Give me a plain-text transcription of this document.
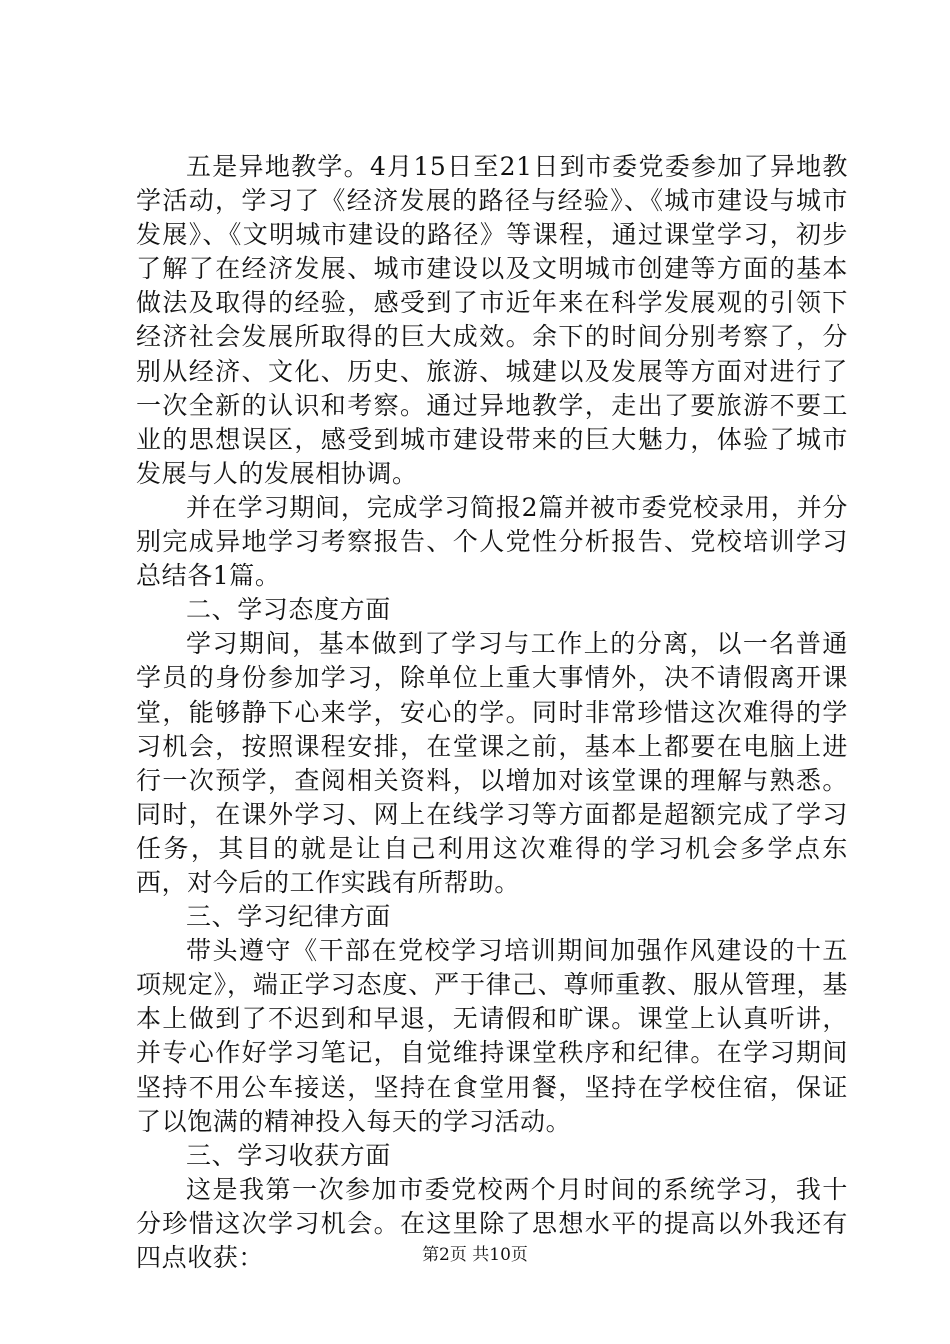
五是异地教学。4月15日至21日到市委党委参加了异地教学活动，学习了《经济发展的路径与经验》、《城市建设与城市发展》、《文明城市建设的路径》等课程，通过课堂学习，初步了解了在经济发展、城市建设以及文明城市创建等方面的基本做法及取得的经验，感受到了市近年来在科学发展观的引领下经济社会发展所取得的巨大成效。余下的时间分别考察了，分别从经济、文化、历史、旅游、城建以及发展等方面对进行了一次全新的认识和考察。通过异地教学，走出了要旅游不要工业的思想误区，感受到城市建设带来的巨大魅力，体验了城市发展与人的发展相协调。

并在学习期间，完成学习简报2篇并被市委党校录用，并分别完成异地学习考察报告、个人党性分析报告、党校培训学习总结各1篇。

二、学习态度方面

学习期间，基本做到了学习与工作上的分离，以一名普通学员的身份参加学习，除单位上重大事情外，决不请假离开课堂，能够静下心来学，安心的学。同时非常珍惜这次难得的学习机会，按照课程安排，在堂课之前，基本上都要在电脑上进行一次预学，查阅相关资料，以增加对该堂课的理解与熟悉。同时，在课外学习、网上在线学习等方面都是超额完成了学习任务，其目的就是让自己利用这次难得的学习机会多学点东西，对今后的工作实践有所帮助。

三、学习纪律方面

带头遵守《干部在党校学习培训期间加强作风建设的十五项规定》，端正学习态度、严于律己、尊师重教、服从管理，基本上做到了不迟到和早退，无请假和旷课。课堂上认真听讲，并专心作好学习笔记，自觉维持课堂秩序和纪律。在学习期间坚持不用公车接送，坚持在食堂用餐，坚持在学校住宿，保证了以饱满的精神投入每天的学习活动。

三、学习收获方面

这是我第一次参加市委党校两个月时间的系统学习，我十分珍惜这次学习机会。在这里除了思想水平的提高以外我还有四点收获：	第2页 共10页
